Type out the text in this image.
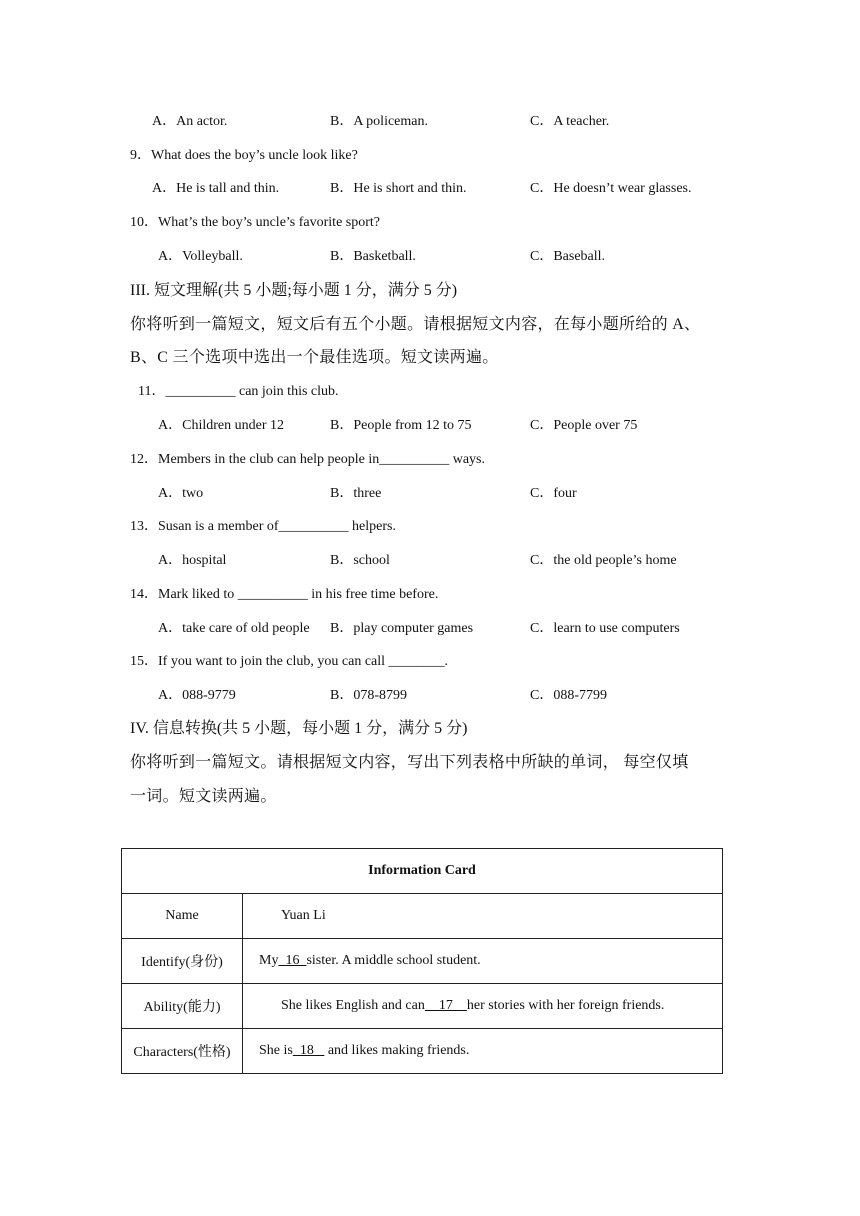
A．An actor.	B．A policeman.	C．A teacher.
9．What does the boy’s uncle look like?
A．He is tall and thin.	B．He is short and thin.	C．He doesn’t wear glasses.
10．What’s the boy’s uncle’s favorite sport?
A．Volleyball.	B．Basketball.	C．Baseball.
III. 短文理解(共 5 小题;每小题 1 分，满分 5 分)
你将听到一篇短文，短文后有五个小题。请根据短文内容，在每小题所给的 A、
B、C 三个选项中选出一个最佳选项。短文读两遍。
11．__________ can join this club.
A．Children under 12	B．People from 12 to 75	C．People over 75
12．Members in the club can help people in__________ ways.
A．two	B．three	C．four
13．Susan is a member of__________ helpers.
A．hospital	B．school	C．the old people’s home
14．Mark liked to __________ in his free time before.
A．take care of old people B．play computer games	C．learn to use computers
15．If you want to join the club, you can call ________.
A．088-9779	B．078-8799	C．088-7799
IV. 信息转换(共 5 小题，每小题 1 分，满分 5 分)
你将听到一篇短文。请根据短文内容，写出下列表格中所缺的单词， 每空仅填
一词。短文读两遍。
Information Card	
Name	Yuan Li
Identify(身份)	My  16  sister. A middle school student.
Ability(能力)	She likes English and can    17    her stories with her foreign friends.
Characters(性格)	She is  18    and likes making friends.
